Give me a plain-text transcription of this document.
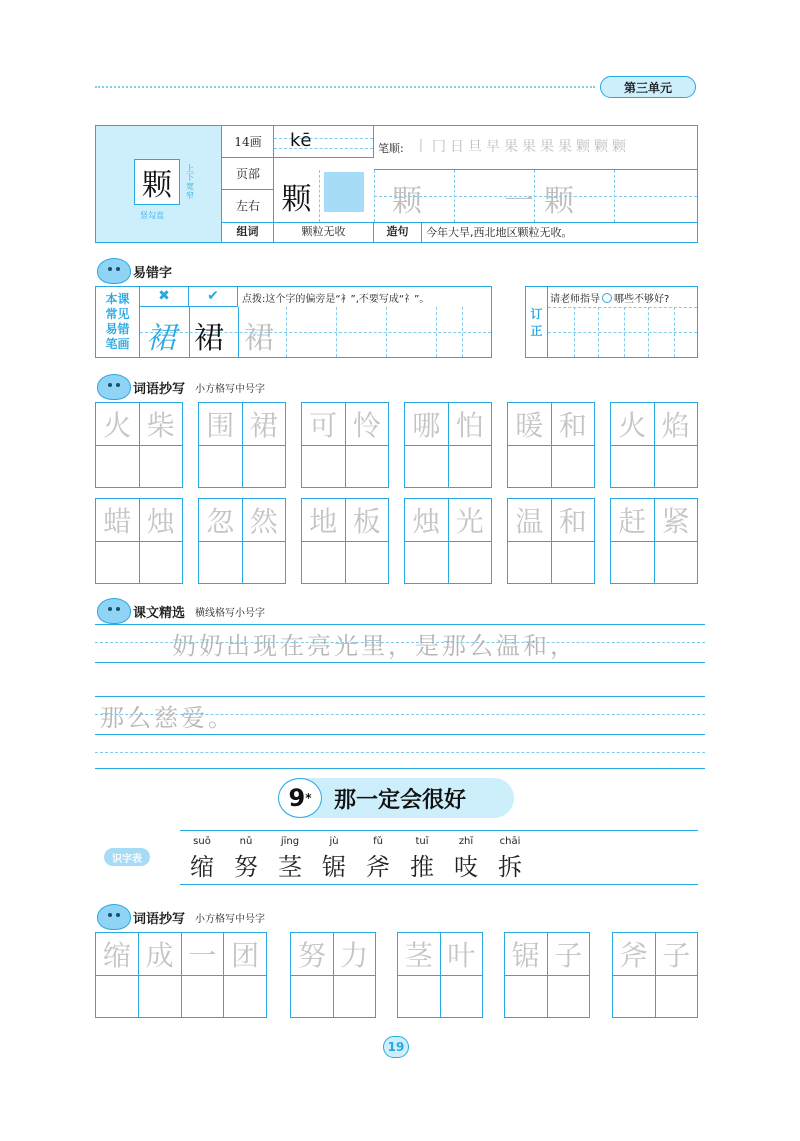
第三单元
颗 上下宽窄
竖勾直
14画
页部
左右
kē	笔顺: 丨 冂 日 旦 早 果 果 果 果 颗 颗 颗
颗	颗	一 颗
组词	颗粒无收	造句	今年大旱,西北地区颗粒无收。
易错字
本课
常见
易错
笔画
✖	✔	点拨:这个字的偏旁是“衤”,不要写成“礻”。
裙 裙 裙
订
正
请老师指导 哪些不够好?
词语抄写	小方格写中号字
火 柴 围 裙 可 怜 哪 怕 暖 和 火 焰
蜡 烛 忽 然 地 板 烛 光 温 和 赶 紧
课文精选	横线格写小号字
奶奶出现在亮光里，是那么温和，
那么慈爱。
9 * 那一定会很好
识字表
suō
缩
nǔ
努
jīng
茎
jù
锯
fǔ
斧
tuī
推
zhī
吱
chāi
拆
词语抄写	小方格写中号字
缩 成 一 团 努 力 茎 叶 锯 子 斧 子
19
